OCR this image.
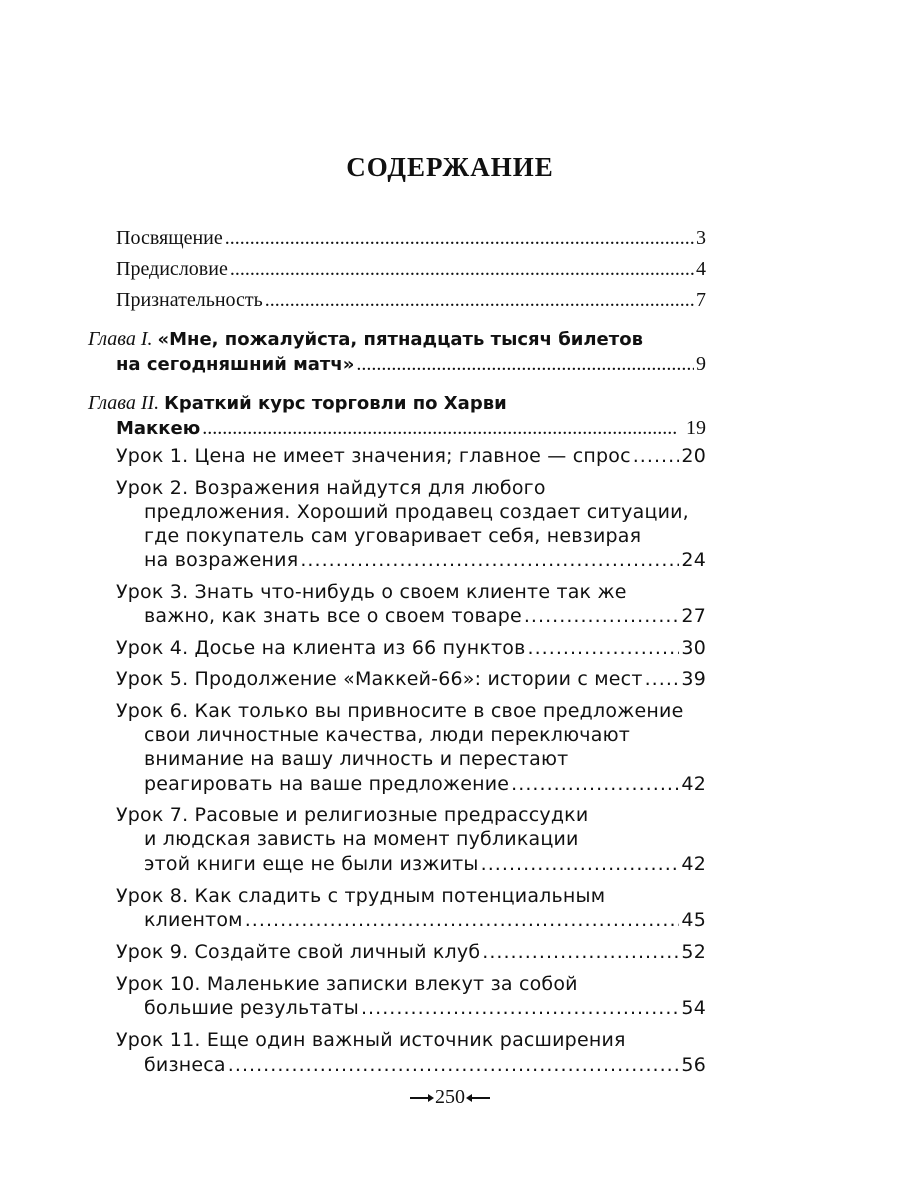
СОДЕРЖАНИЕ
Посвящение . . .	3
Предисловие . . .	4
Признательность . . .	7
Глава I. «Мне, пожалуйста, пятнадцать тысяч билетов
на сегодняшний матч» . . .	9
Глава II. Краткий курс торговли по Харви
Маккею . . .	19
Урок 1. Цена не имеет значения; главное — спрос . . .	20
Урок 2. Возражения найдутся для любого
предложения. Хороший продавец создает ситуации,
где покупатель сам уговаривает себя, невзирая
на возражения . . .	24
Урок 3. Знать что-нибудь о своем клиенте так же
важно, как знать все о своем товаре . . .	27
Урок 4. Досье на клиента из 66 пунктов . . .	30
Урок 5. Продолжение «Маккей-66»: истории с мест . . . 39
Урок 6. Как только вы привносите в свое предложение
свои личностные качества, люди переключают
внимание на вашу личность и перестают
реагировать на ваше предложение . . .	42
Урок 7. Расовые и религиозные предрассудки
и людская зависть на момент публикации
этой книги еще не были изжиты . . .	42
Урок 8. Как сладить с трудным потенциальным
клиентом . . .	45
Урок 9. Создайте свой личный клуб . . .	52
Урок 10. Маленькие записки влекут за собой
большие результаты . . .	54
Урок 11. Еще один важный источник расширения
бизнеса . . .	56
250
